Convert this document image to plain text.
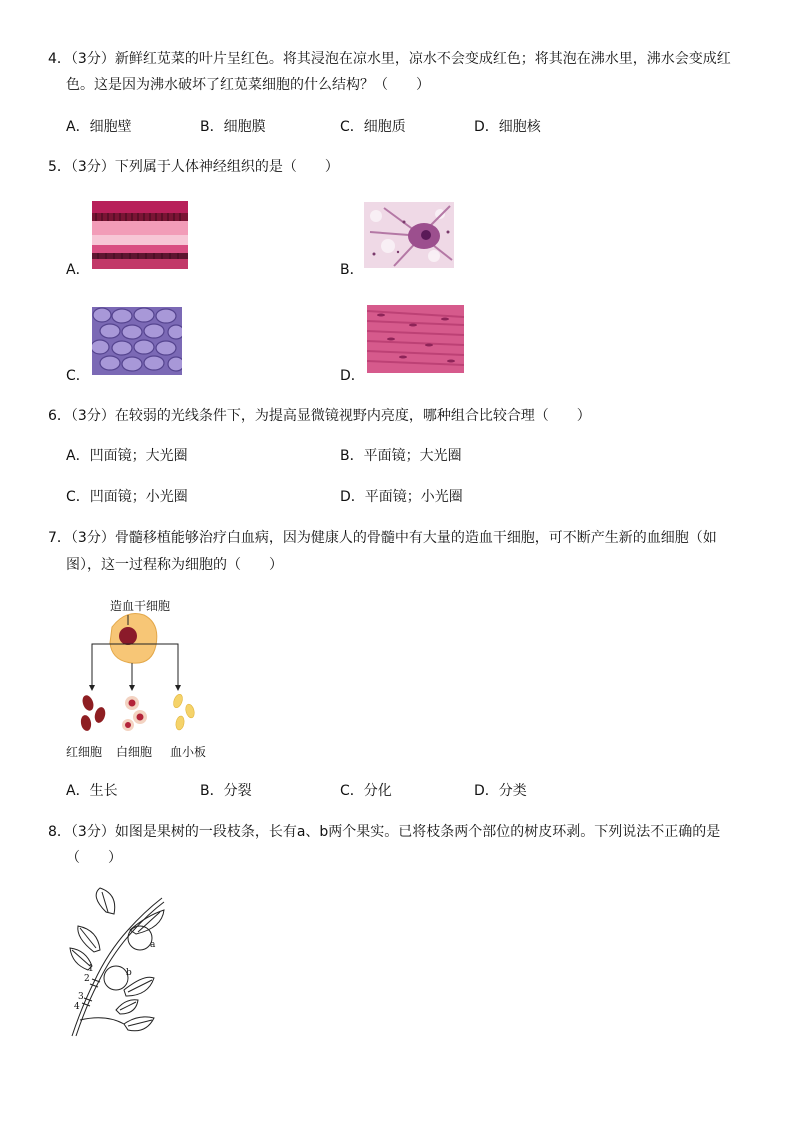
4．（3分）新鲜红苋菜的叶片呈红色。将其浸泡在凉水里，凉水不会变成红色；将其泡在沸水里，沸水会变成红
色。这是因为沸水破坏了红苋菜细胞的什么结构？（　　）
A．细胞壁	B．细胞膜	C．细胞质	D．细胞核
5．（3分）下列属于人体神经组织的是（　　）
A．	B．
C．	D．
6．（3分）在较弱的光线条件下，为提高显微镜视野内亮度，哪种组合比较合理（　　）
A．凹面镜；大光圈	B．平面镜；大光圈
C．凹面镜；小光圈	D．平面镜；小光圈
7．（3分）骨髓移植能够治疗白血病，因为健康人的骨髓中有大量的造血干细胞，可不断产生新的血细胞（如
图），这一过程称为细胞的（　　）
造血干细胞
红细胞 白细胞 血小板
A．生长	B．分裂	C．分化	D．分类
8．（3分）如图是果树的一段枝条，长有a、b两个果实。已将枝条两个部位的树皮环剥。下列说法不正确的是
（　　）
a
b
1
2
3
4
